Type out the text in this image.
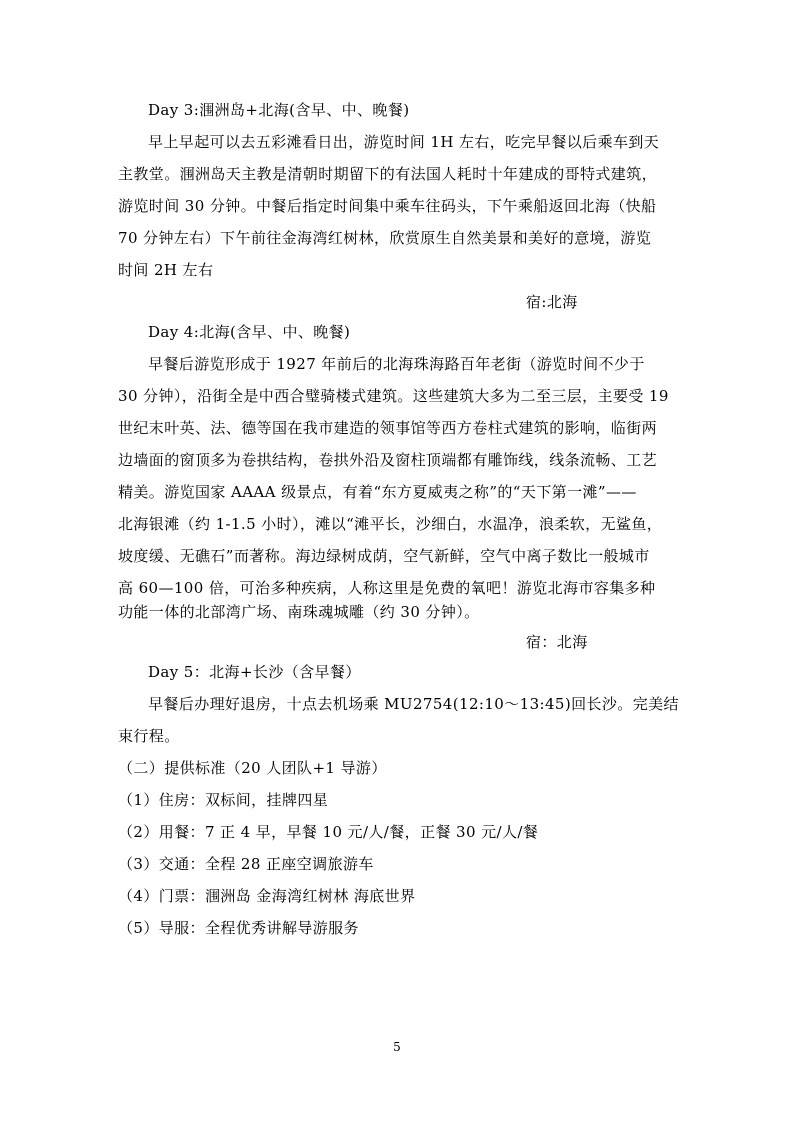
Day 3:涠洲岛+北海(含早、中、晚餐)
早上早起可以去五彩滩看日出，游览时间 1H 左右，吃完早餐以后乘车到天
主教堂。涠洲岛天主教是清朝时期留下的有法国人耗时十年建成的哥特式建筑，
游览时间 30 分钟。中餐后指定时间集中乘车往码头，下午乘船返回北海（快船
70 分钟左右）下午前往金海湾红树林，欣赏原生自然美景和美好的意境，游览
时间 2H 左右
宿:北海
Day 4:北海(含早、中、晚餐)
早餐后游览形成于 1927 年前后的北海珠海路百年老街（游览时间不少于
30 分钟），沿街全是中西合璧骑楼式建筑。这些建筑大多为二至三层，主要受 19
世纪末叶英、法、德等国在我市建造的领事馆等西方卷柱式建筑的影响，临街两
边墙面的窗顶多为卷拱结构，卷拱外沿及窗柱顶端都有雕饰线，线条流畅、工艺
精美。游览国家 AAAA 级景点，有着“东方夏威夷之称”的“天下第一滩”——
北海银滩（约 1-1.5 小时），滩以“滩平长，沙细白，水温净，浪柔软，无鲨鱼，
坡度缓、无礁石”而著称。海边绿树成荫，空气新鲜，空气中离子数比一般城市
高 60—100 倍，可治多种疾病，人称这里是免费的氧吧！游览北海市容集多种
功能一体的北部湾广场、南珠魂城雕（约 30 分钟）。
宿：北海
Day 5：北海+长沙（含早餐）
早餐后办理好退房，十点去机场乘 MU2754(12:10～13:45)回长沙。完美结
束行程。
（二）提供标准（20 人团队+1 导游）
（1）住房：双标间，挂牌四星
（2）用餐：7 正 4 早，早餐 10 元/人/餐，正餐 30 元/人/餐
（3）交通：全程 28 正座空调旅游车
（4）门票：涠洲岛 金海湾红树林 海底世界
（5）导服：全程优秀讲解导游服务
5
